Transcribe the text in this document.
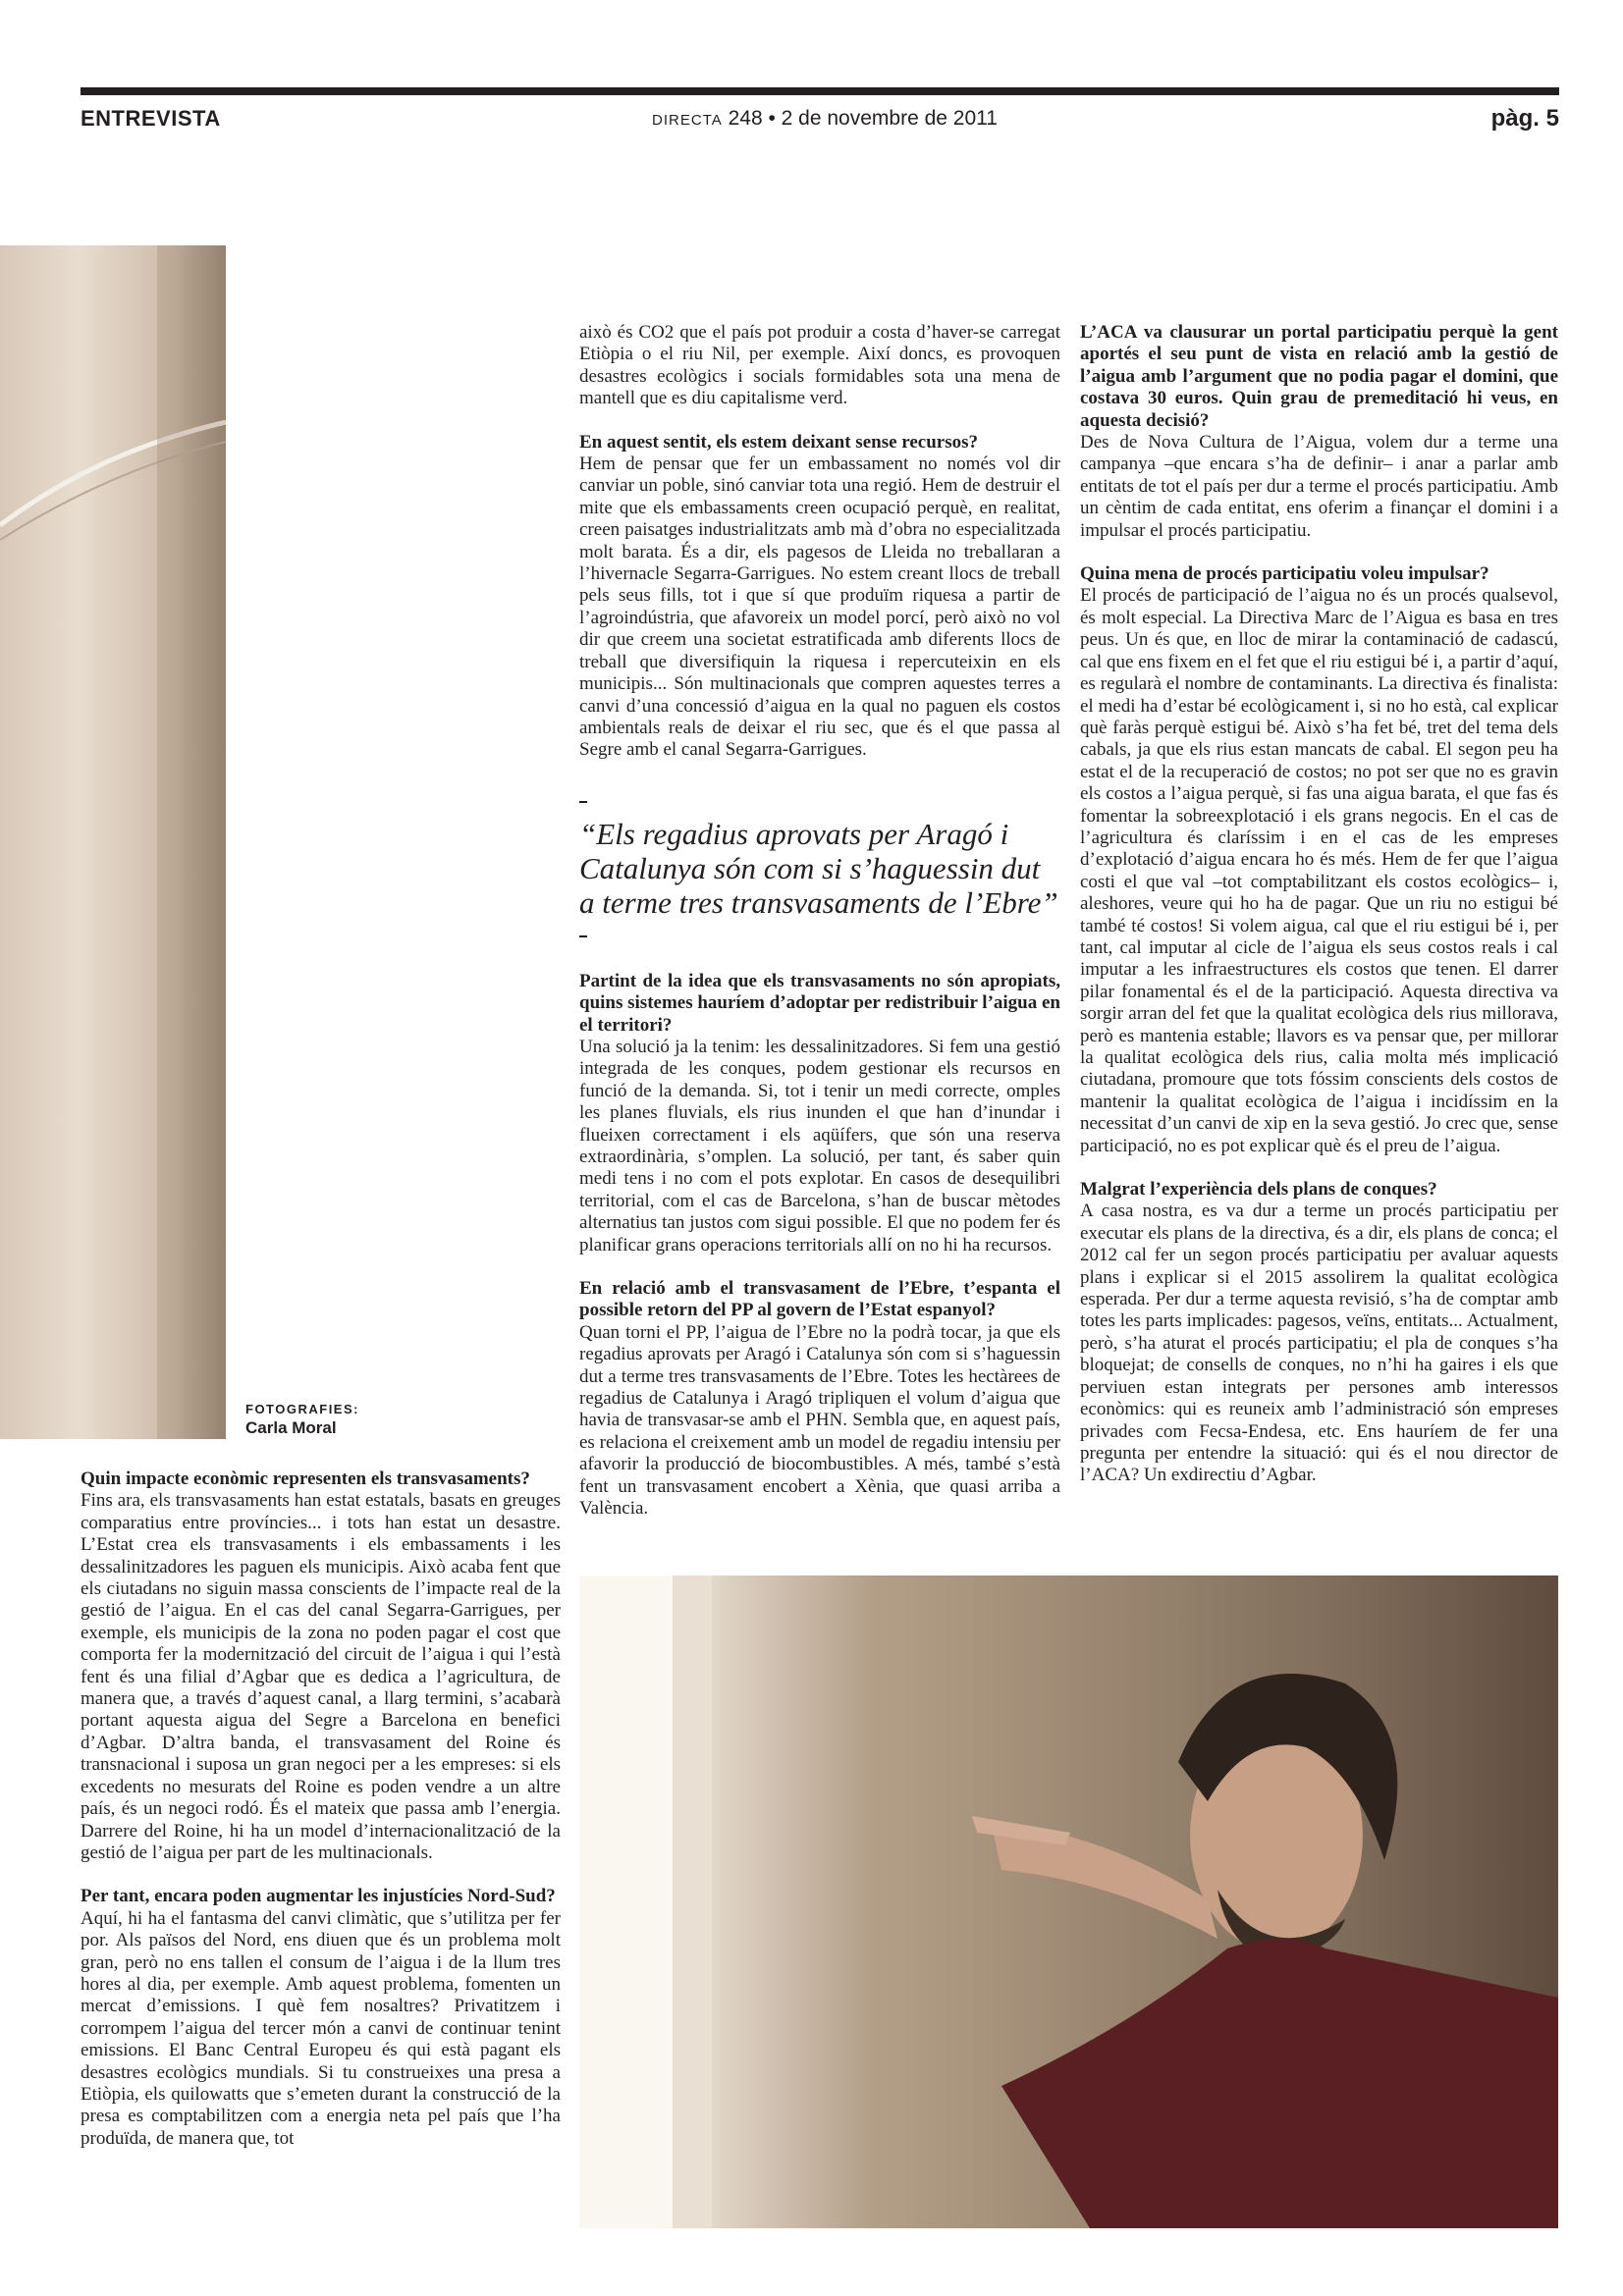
ENTREVISTA	DIRECTA 248 • 2 de novembre de 2011	pàg. 5
FOTOGRAFIES:
Carla Moral

Quin impacte econòmic representen els transvasaments?

Fins ara, els transvasaments han estat estatals, basats en greuges comparatius entre províncies... i tots han estat un desastre. L’Estat crea els transvasaments i els embassaments i les dessalinitzadores les paguen els municipis. Això acaba fent que els ciutadans no siguin massa conscients de l’impacte real de la gestió de l’aigua. En el cas del canal Segarra-Garrigues, per exemple, els municipis de la zona no poden pagar el cost que comporta fer la modernització del circuit de l’aigua i qui l’està fent és una filial d’Agbar que es dedica a l’agricultura, de manera que, a través d’aquest canal, a llarg termini, s’acabarà portant aquesta aigua del Segre a Barcelona en benefici d’Agbar. D’altra banda, el transvasament del Roine és transnacional i suposa un gran negoci per a les empreses: si els excedents no mesurats del Roine es poden vendre a un altre país, és un negoci rodó. És el mateix que passa amb l’energia. Darrere del Roine, hi ha un model d’internacionalització de la gestió de l’aigua per part de les multinacionals.

Per tant, encara poden augmentar les injustícies Nord-Sud?

Aquí, hi ha el fantasma del canvi climàtic, que s’utilitza per fer por. Als països del Nord, ens diuen que és un problema molt gran, però no ens tallen el consum de l’aigua i de la llum tres hores al dia, per exemple. Amb aquest problema, fomenten un mercat d’emissions. I què fem nosaltres? Privatitzem i corrompem l’aigua del tercer món a canvi de continuar tenint emissions. El Banc Central Europeu és qui està pagant els desastres ecològics mundials. Si tu construeixes una presa a Etiòpia, els quilowatts que s’emeten durant la construcció de la presa es comptabilitzen com a energia neta pel país que l’ha produïda, de manera que, tot

això és CO2 que el país pot produir a costa d’haver-se carregat Etiòpia o el riu Nil, per exemple. Així doncs, es provoquen desastres ecològics i socials formidables sota una mena de mantell que es diu capitalisme verd.

En aquest sentit, els estem deixant sense recursos?

Hem de pensar que fer un embassament no només vol dir canviar un poble, sinó canviar tota una regió. Hem de destruir el mite que els embassaments creen ocupació perquè, en realitat, creen paisatges industrialitzats amb mà d’obra no especialitzada molt barata. És a dir, els pagesos de Lleida no treballaran a l’hivernacle Segarra-Garrigues. No estem creant llocs de treball pels seus fills, tot i que sí que produïm riquesa a partir de l’agroindústria, que afavoreix un model porcí, però això no vol dir que creem una societat estratificada amb diferents llocs de treball que diversifiquin la riquesa i repercuteixin en els municipis... Són multinacionals que compren aquestes terres a canvi d’una concessió d’aigua en la qual no paguen els costos ambientals reals de deixar el riu sec, que és el que passa al Segre amb el canal Segarra-Garrigues.

“Els regadius aprovats per Aragó i Catalunya són com si s’haguessin dut a terme tres transvasaments de l’Ebre”

Partint de la idea que els transvasaments no són apropiats, quins sistemes hauríem d’adoptar per redistribuir l’aigua en el territori?

Una solució ja la tenim: les dessalinitzadores. Si fem una gestió integrada de les conques, podem gestionar els recursos en funció de la demanda. Si, tot i tenir un medi correcte, omples les planes fluvials, els rius inunden el que han d’inundar i flueixen correctament i els aqüífers, que són una reserva extraordinària, s’omplen. La solució, per tant, és saber quin medi tens i no com el pots explotar. En casos de desequilibri territorial, com el cas de Barcelona, s’han de buscar mètodes alternatius tan justos com sigui possible. El que no podem fer és planificar grans operacions territorials allí on no hi ha recursos.

En relació amb el transvasament de l’Ebre, t’espanta el possible retorn del PP al govern de l’Estat espanyol?

Quan torni el PP, l’aigua de l’Ebre no la podrà tocar, ja que els regadius aprovats per Aragó i Catalunya són com si s’haguessin dut a terme tres transvasaments de l’Ebre. Totes les hectàrees de regadius de Catalunya i Aragó tripliquen el volum d’aigua que havia de transvasar-se amb el PHN. Sembla que, en aquest país, es relaciona el creixement amb un model de regadiu intensiu per afavorir la producció de biocombustibles. A més, també s’està fent un transvasament encobert a Xènia, que quasi arriba a València.

L’ACA va clausurar un portal participatiu perquè la gent aportés el seu punt de vista en relació amb la gestió de l’aigua amb l’argument que no podia pagar el domini, que costava 30 euros. Quin grau de premeditació hi veus, en aquesta decisió?

Des de Nova Cultura de l’Aigua, volem dur a terme una campanya –que encara s’ha de definir– i anar a parlar amb entitats de tot el país per dur a terme el procés participatiu. Amb un cèntim de cada entitat, ens oferim a finançar el domini i a impulsar el procés participatiu.

Quina mena de procés participatiu voleu impulsar?

El procés de participació de l’aigua no és un procés qualsevol, és molt especial. La Directiva Marc de l’Aigua es basa en tres peus. Un és que, en lloc de mirar la contaminació de cadascú, cal que ens fixem en el fet que el riu estigui bé i, a partir d’aquí, es regularà el nombre de contaminants. La directiva és finalista: el medi ha d’estar bé ecològicament i, si no ho està, cal explicar què faràs perquè estigui bé. Això s’ha fet bé, tret del tema dels cabals, ja que els rius estan mancats de cabal. El segon peu ha estat el de la recuperació de costos; no pot ser que no es gravin els costos a l’aigua perquè, si fas una aigua barata, el que fas és fomentar la sobreexplotació i els grans negocis. En el cas de l’agricultura és claríssim i en el cas de les empreses d’explotació d’aigua encara ho és més. Hem de fer que l’aigua costi el que val –tot comptabilitzant els costos ecològics– i, aleshores, veure qui ho ha de pagar. Que un riu no estigui bé també té costos! Si volem aigua, cal que el riu estigui bé i, per tant, cal imputar al cicle de l’aigua els seus costos reals i cal imputar a les infraestructures els costos que tenen. El darrer pilar fonamental és el de la participació. Aquesta directiva va sorgir arran del fet que la qualitat ecològica dels rius millorava, però es mantenia estable; llavors es va pensar que, per millorar la qualitat ecològica dels rius, calia molta més implicació ciutadana, promoure que tots fóssim conscients dels costos de mantenir la qualitat ecològica de l’aigua i incidíssim en la necessitat d’un canvi de xip en la seva gestió. Jo crec que, sense participació, no es pot explicar què és el preu de l’aigua.

Malgrat l’experiència dels plans de conques?

A casa nostra, es va dur a terme un procés participatiu per executar els plans de la directiva, és a dir, els plans de conca; el 2012 cal fer un segon procés participatiu per avaluar aquests plans i explicar si el 2015 assolirem la qualitat ecològica esperada. Per dur a terme aquesta revisió, s’ha de comptar amb totes les parts implicades: pagesos, veïns, entitats... Actualment, però, s’ha aturat el procés participatiu; el pla de conques s’ha bloquejat; de consells de conques, no n’hi ha gaires i els que perviuen estan integrats per persones amb interessos econòmics: qui es reuneix amb l’administració són empreses privades com Fecsa-Endesa, etc. Ens hauríem de fer una pregunta per entendre la situació: qui és el nou director de l’ACA? Un exdirectiu d’Agbar.
